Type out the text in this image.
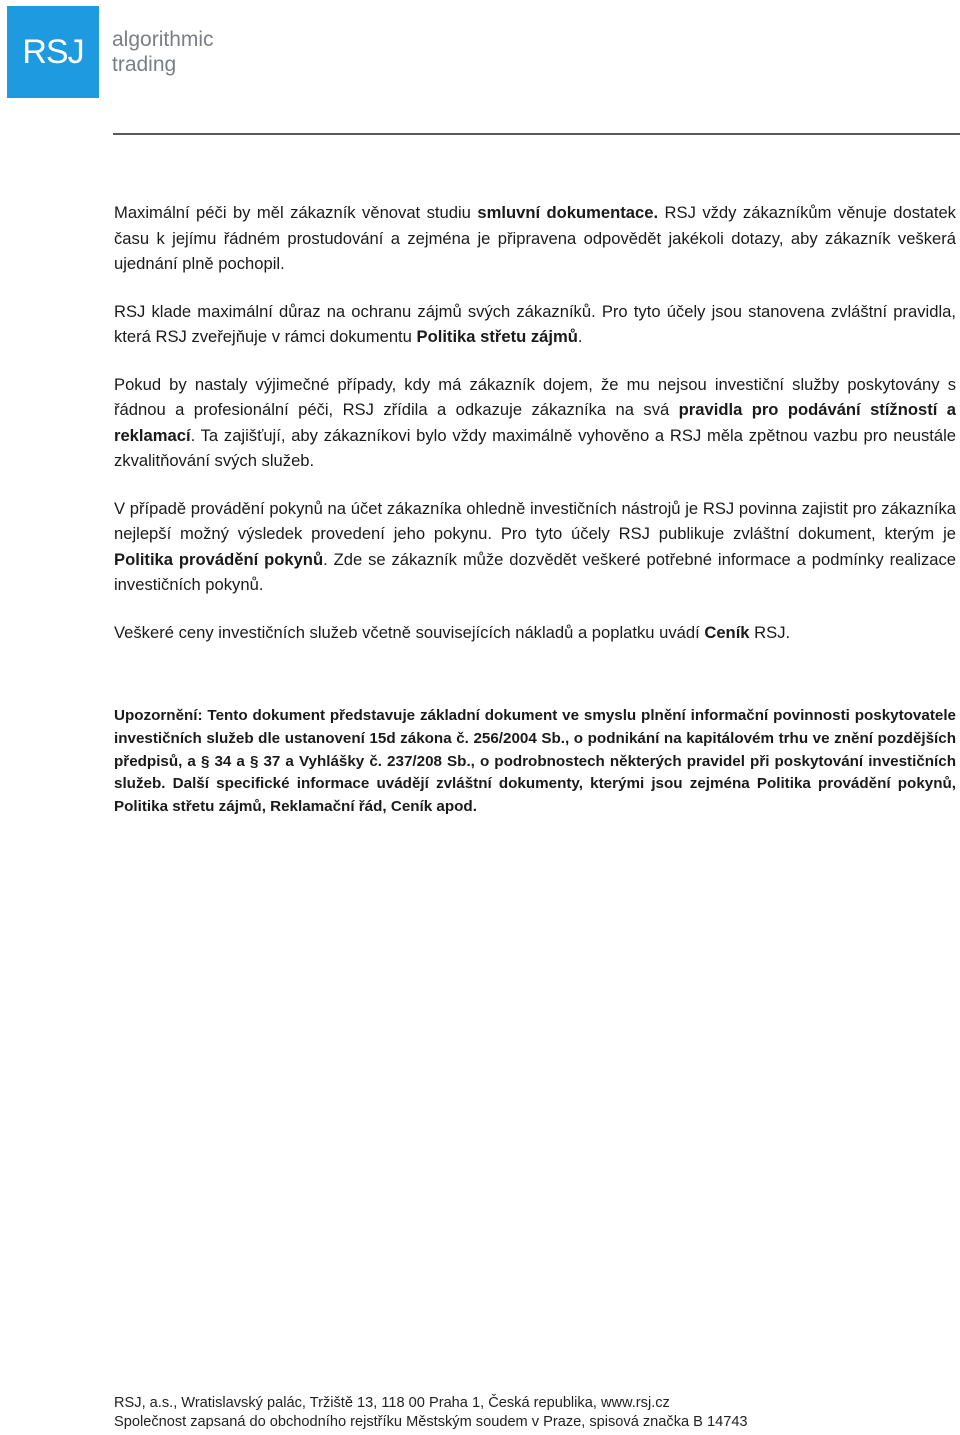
RSJ algorithmic
trading

Maximální péči by měl zákazník věnovat studiu smluvní dokumentace. RSJ vždy zákazníkům věnuje dostatek času k jejímu řádném prostudování a zejména je připravena odpovědět jakékoli dotazy, aby zákazník veškerá ujednání plně pochopil.

RSJ klade maximální důraz na ochranu zájmů svých zákazníků. Pro tyto účely jsou stanovena zvláštní pravidla, která RSJ zveřejňuje v rámci dokumentu Politika střetu zájmů.

Pokud by nastaly výjimečné případy, kdy má zákazník dojem, že mu nejsou investiční služby poskytovány s řádnou a profesionální péči, RSJ zřídila a odkazuje zákazníka na svá pravidla pro podávání stížností a reklamací. Ta zajišťují, aby zákazníkovi bylo vždy maximálně vyhověno a RSJ měla zpětnou vazbu pro neustále zkvalitňování svých služeb.

V případě provádění pokynů na účet zákazníka ohledně investičních nástrojů je RSJ povinna zajistit pro zákazníka nejlepší možný výsledek provedení jeho pokynu. Pro tyto účely RSJ publikuje zvláštní dokument, kterým je Politika provádění pokynů. Zde se zákazník může dozvědět veškeré potřebné informace a podmínky realizace investičních pokynů.

Veškeré ceny investičních služeb včetně souvisejících nákladů a poplatku uvádí Ceník RSJ.

Upozornění: Tento dokument představuje základní dokument ve smyslu plnění informační povinnosti poskytovatele investičních služeb dle ustanovení 15d zákona č. 256/2004 Sb., o podnikání na kapitálovém trhu ve znění pozdějších předpisů, a § 34 a § 37 a Vyhlášky č. 237/208 Sb., o podrobnostech některých pravidel při poskytování investičních služeb. Další specifické informace uvádějí zvláštní dokumenty, kterými jsou zejména Politika provádění pokynů, Politika střetu zájmů, Reklamační řád, Ceník apod.
RSJ, a.s., Wratislavský palác, Tržiště 13, 118 00 Praha 1, Česká republika, www.rsj.cz
Společnost zapsaná do obchodního rejstříku Městským soudem v Praze, spisová značka B 14743
